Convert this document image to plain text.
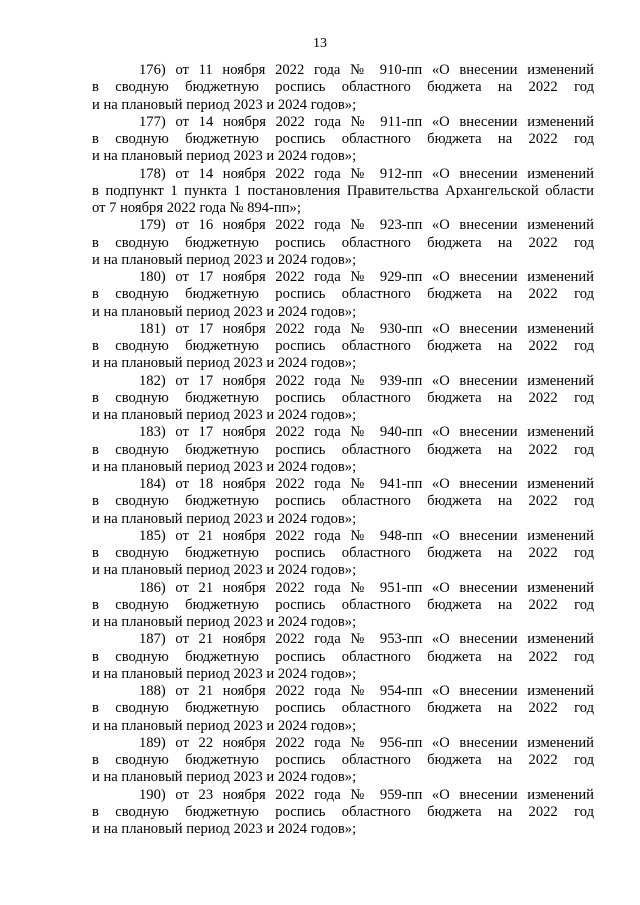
13
176) от 11 ноября 2022 года № 910-пп «О внесении изменений
в сводную бюджетную роспись областного бюджета на 2022 год
и на плановый период 2023 и 2024 годов»;
177) от 14 ноября 2022 года № 911-пп «О внесении изменений
в сводную бюджетную роспись областного бюджета на 2022 год
и на плановый период 2023 и 2024 годов»;
178) от 14 ноября 2022 года № 912-пп «О внесении изменений
в подпункт 1 пункта 1 постановления Правительства Архангельской области
от 7 ноября 2022 года № 894-пп»;
179) от 16 ноября 2022 года № 923-пп «О внесении изменений
в сводную бюджетную роспись областного бюджета на 2022 год
и на плановый период 2023 и 2024 годов»;
180) от 17 ноября 2022 года № 929-пп «О внесении изменений
в сводную бюджетную роспись областного бюджета на 2022 год
и на плановый период 2023 и 2024 годов»;
181) от 17 ноября 2022 года № 930-пп «О внесении изменений
в сводную бюджетную роспись областного бюджета на 2022 год
и на плановый период 2023 и 2024 годов»;
182) от 17 ноября 2022 года № 939-пп «О внесении изменений
в сводную бюджетную роспись областного бюджета на 2022 год
и на плановый период 2023 и 2024 годов»;
183) от 17 ноября 2022 года № 940-пп «О внесении изменений
в сводную бюджетную роспись областного бюджета на 2022 год
и на плановый период 2023 и 2024 годов»;
184) от 18 ноября 2022 года № 941-пп «О внесении изменений
в сводную бюджетную роспись областного бюджета на 2022 год
и на плановый период 2023 и 2024 годов»;
185) от 21 ноября 2022 года № 948-пп «О внесении изменений
в сводную бюджетную роспись областного бюджета на 2022 год
и на плановый период 2023 и 2024 годов»;
186) от 21 ноября 2022 года № 951-пп «О внесении изменений
в сводную бюджетную роспись областного бюджета на 2022 год
и на плановый период 2023 и 2024 годов»;
187) от 21 ноября 2022 года № 953-пп «О внесении изменений
в сводную бюджетную роспись областного бюджета на 2022 год
и на плановый период 2023 и 2024 годов»;
188) от 21 ноября 2022 года № 954-пп «О внесении изменений
в сводную бюджетную роспись областного бюджета на 2022 год
и на плановый период 2023 и 2024 годов»;
189) от 22 ноября 2022 года № 956-пп «О внесении изменений
в сводную бюджетную роспись областного бюджета на 2022 год
и на плановый период 2023 и 2024 годов»;
190) от 23 ноября 2022 года № 959-пп «О внесении изменений
в сводную бюджетную роспись областного бюджета на 2022 год
и на плановый период 2023 и 2024 годов»;
